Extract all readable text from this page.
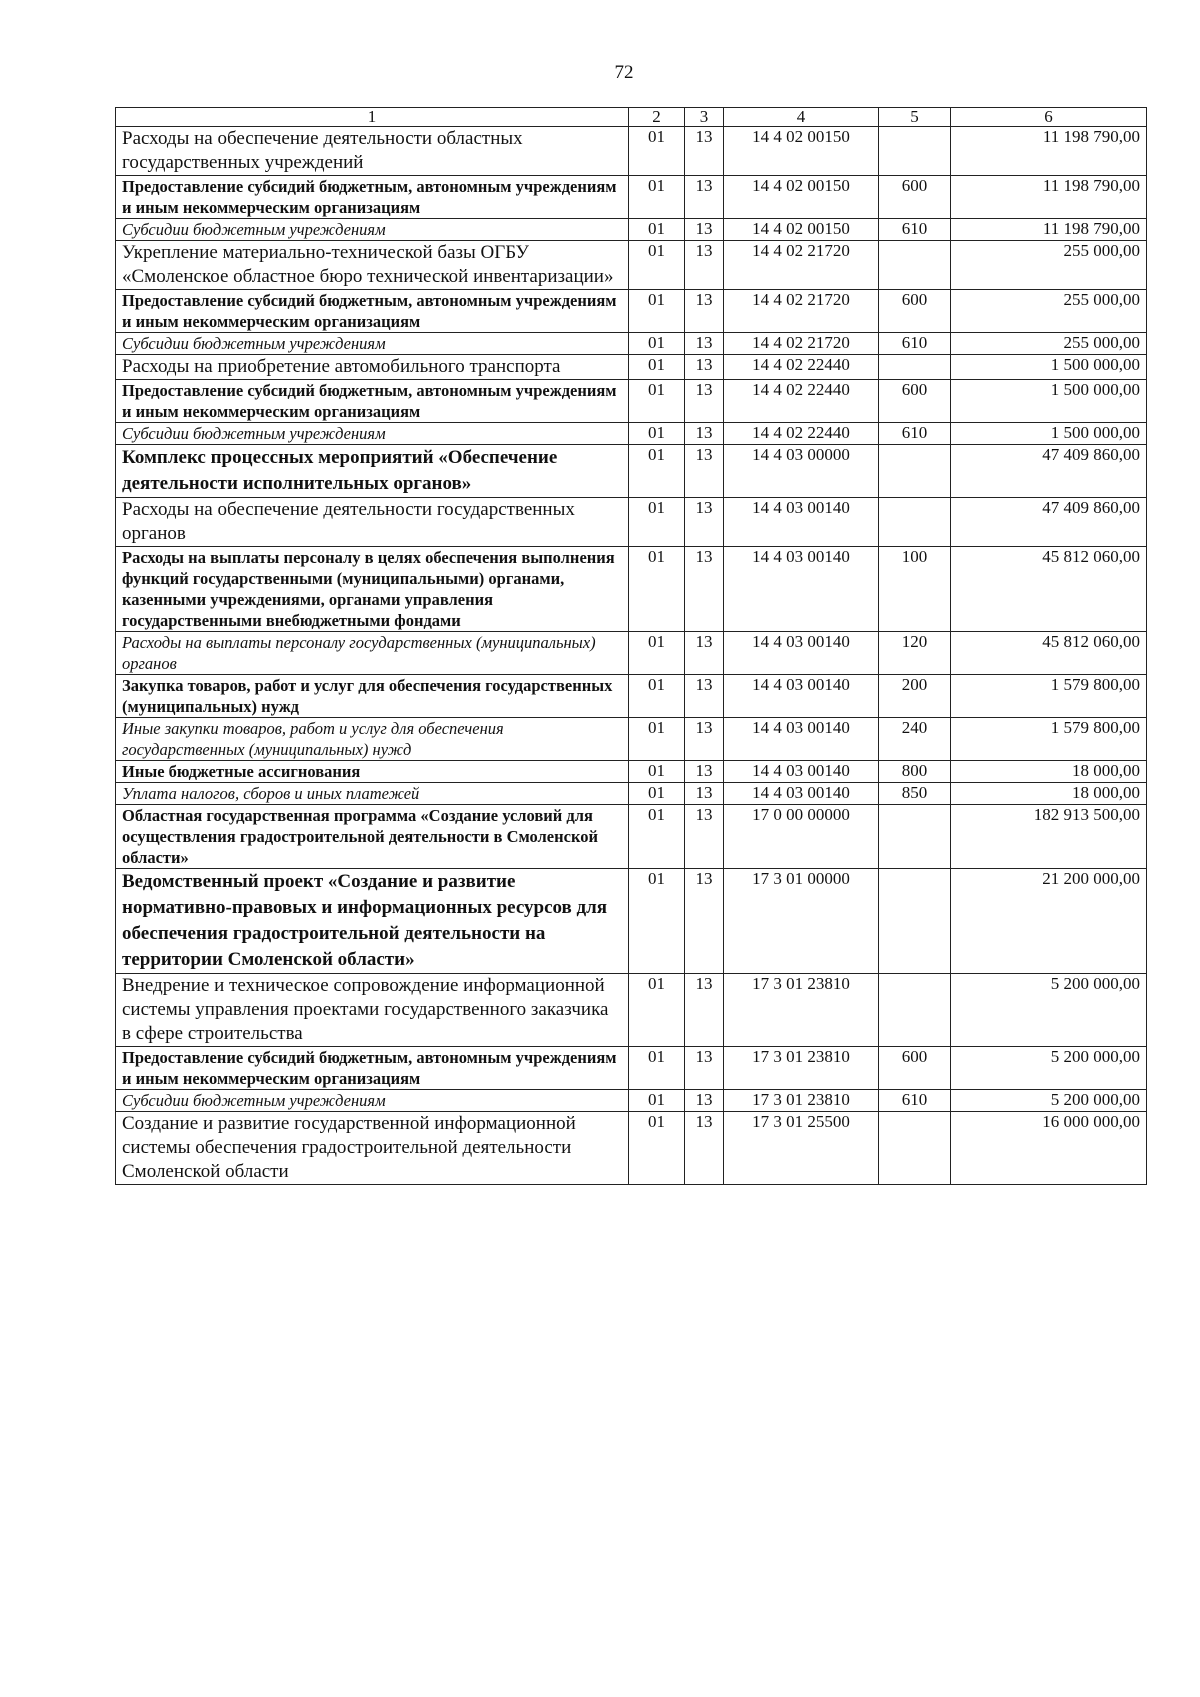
72
1	2	3	4	5	6
Расходы на обеспечение деятельности областных государственных учреждений	01	13	14 4 02 00150		11 198 790,00
Предоставление субсидий бюджетным, автономным учреждениям и иным некоммерческим организациям	01	13	14 4 02 00150	600	11 198 790,00
Субсидии бюджетным учреждениям	01	13	14 4 02 00150	610	11 198 790,00
Укрепление материально-технической базы ОГБУ «Смоленское областное бюро технической инвентаризации»	01	13	14 4 02 21720		255 000,00
Предоставление субсидий бюджетным, автономным учреждениям и иным некоммерческим организациям	01	13	14 4 02 21720	600	255 000,00
Субсидии бюджетным учреждениям	01	13	14 4 02 21720	610	255 000,00
Расходы на приобретение автомобильного транспорта	01	13	14 4 02 22440		1 500 000,00
Предоставление субсидий бюджетным, автономным учреждениям и иным некоммерческим организациям	01	13	14 4 02 22440	600	1 500 000,00
Субсидии бюджетным учреждениям	01	13	14 4 02 22440	610	1 500 000,00
Комплекс процессных мероприятий «Обеспечение деятельности исполнительных органов»	01	13	14 4 03 00000		47 409 860,00
Расходы на обеспечение деятельности государственных органов	01	13	14 4 03 00140		47 409 860,00
Расходы на выплаты персоналу в целях обеспечения выполнения функций государственными (муниципальными) органами, казенными учреждениями, органами управления государственными внебюджетными фондами	01	13	14 4 03 00140	100	45 812 060,00
Расходы на выплаты персоналу государственных (муниципальных) органов	01	13	14 4 03 00140	120	45 812 060,00
Закупка товаров, работ и услуг для обеспечения государственных (муниципальных) нужд	01	13	14 4 03 00140	200	1 579 800,00
Иные закупки товаров, работ и услуг для обеспечения государственных (муниципальных) нужд	01	13	14 4 03 00140	240	1 579 800,00
Иные бюджетные ассигнования	01	13	14 4 03 00140	800	18 000,00
Уплата налогов, сборов и иных платежей	01	13	14 4 03 00140	850	18 000,00
Областная государственная программа «Создание условий для осуществления градостроительной деятельности в Смоленской области»	01	13	17 0 00 00000		182 913 500,00
Ведомственный проект «Создание и развитие нормативно-правовых и информационных ресурсов для обеспечения градостроительной деятельности на территории Смоленской области»	01	13	17 3 01 00000		21 200 000,00
Внедрение и техническое сопровождение информационной системы управления проектами государственного заказчика в сфере строительства	01	13	17 3 01 23810		5 200 000,00
Предоставление субсидий бюджетным, автономным учреждениям и иным некоммерческим организациям	01	13	17 3 01 23810	600	5 200 000,00
Субсидии бюджетным учреждениям	01	13	17 3 01 23810	610	5 200 000,00
Создание и развитие государственной информационной системы обеспечения градостроительной деятельности Смоленской области	01	13	17 3 01 25500		16 000 000,00
